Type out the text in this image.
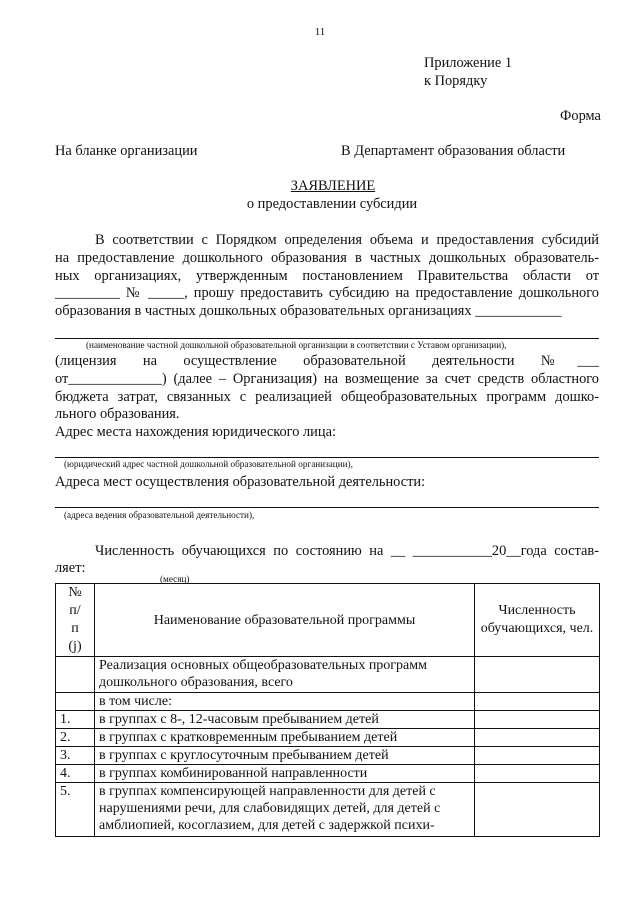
11
Приложение 1
к Порядку
Форма
На бланке организации	В Департамент образования области
ЗАЯВЛЕНИЕ
о предоставлении субсидии
В соответствии с Порядком определения объема и предоставления субсидий
на предоставление дошкольного образования в частных дошкольных образователь-
ных организациях, утвержденным постановлением Правительства области от
_________ № _____, прошу предоставить субсидию на предоставление дошкольного
образования в частных дошкольных образовательных организациях ____________
(наименование частной дошкольной образовательной организации в соответствии с Уставом организации),
(лицензия на осуществление образовательной деятельности №___
от_____________) (далее – Организация) на возмещение за счет средств областного
бюджета затрат, связанных с реализацией общеобразовательных программ дошко-
льного образования.
Адрес места нахождения юридического лица:
(юридический адрес частной дошкольной образовательной организации),
Адреса мест осуществления образовательной деятельности:
(адреса ведения образовательной деятельности),
Численность обучающихся по состоянию на __ ___________20__года состав-
ляет:
(месяц)
№ п/п (j)	Наименование образовательной программы	Численность обучающихся, чел.
	Реализация основных общеобразовательных программ дошкольного образования, всего	
	в том числе:	
1.	в группах с 8-, 12-часовым пребыванием детей	
2.	в группах с кратковременным пребыванием детей	
3.	в группах с круглосуточным пребыванием детей	
4.	в группах комбинированной направленности	
5.	в группах компенсирующей направленности для детей с нарушениями речи, для слабовидящих детей, для детей с амблиопией, косоглазием, для детей с задержкой психи-	
